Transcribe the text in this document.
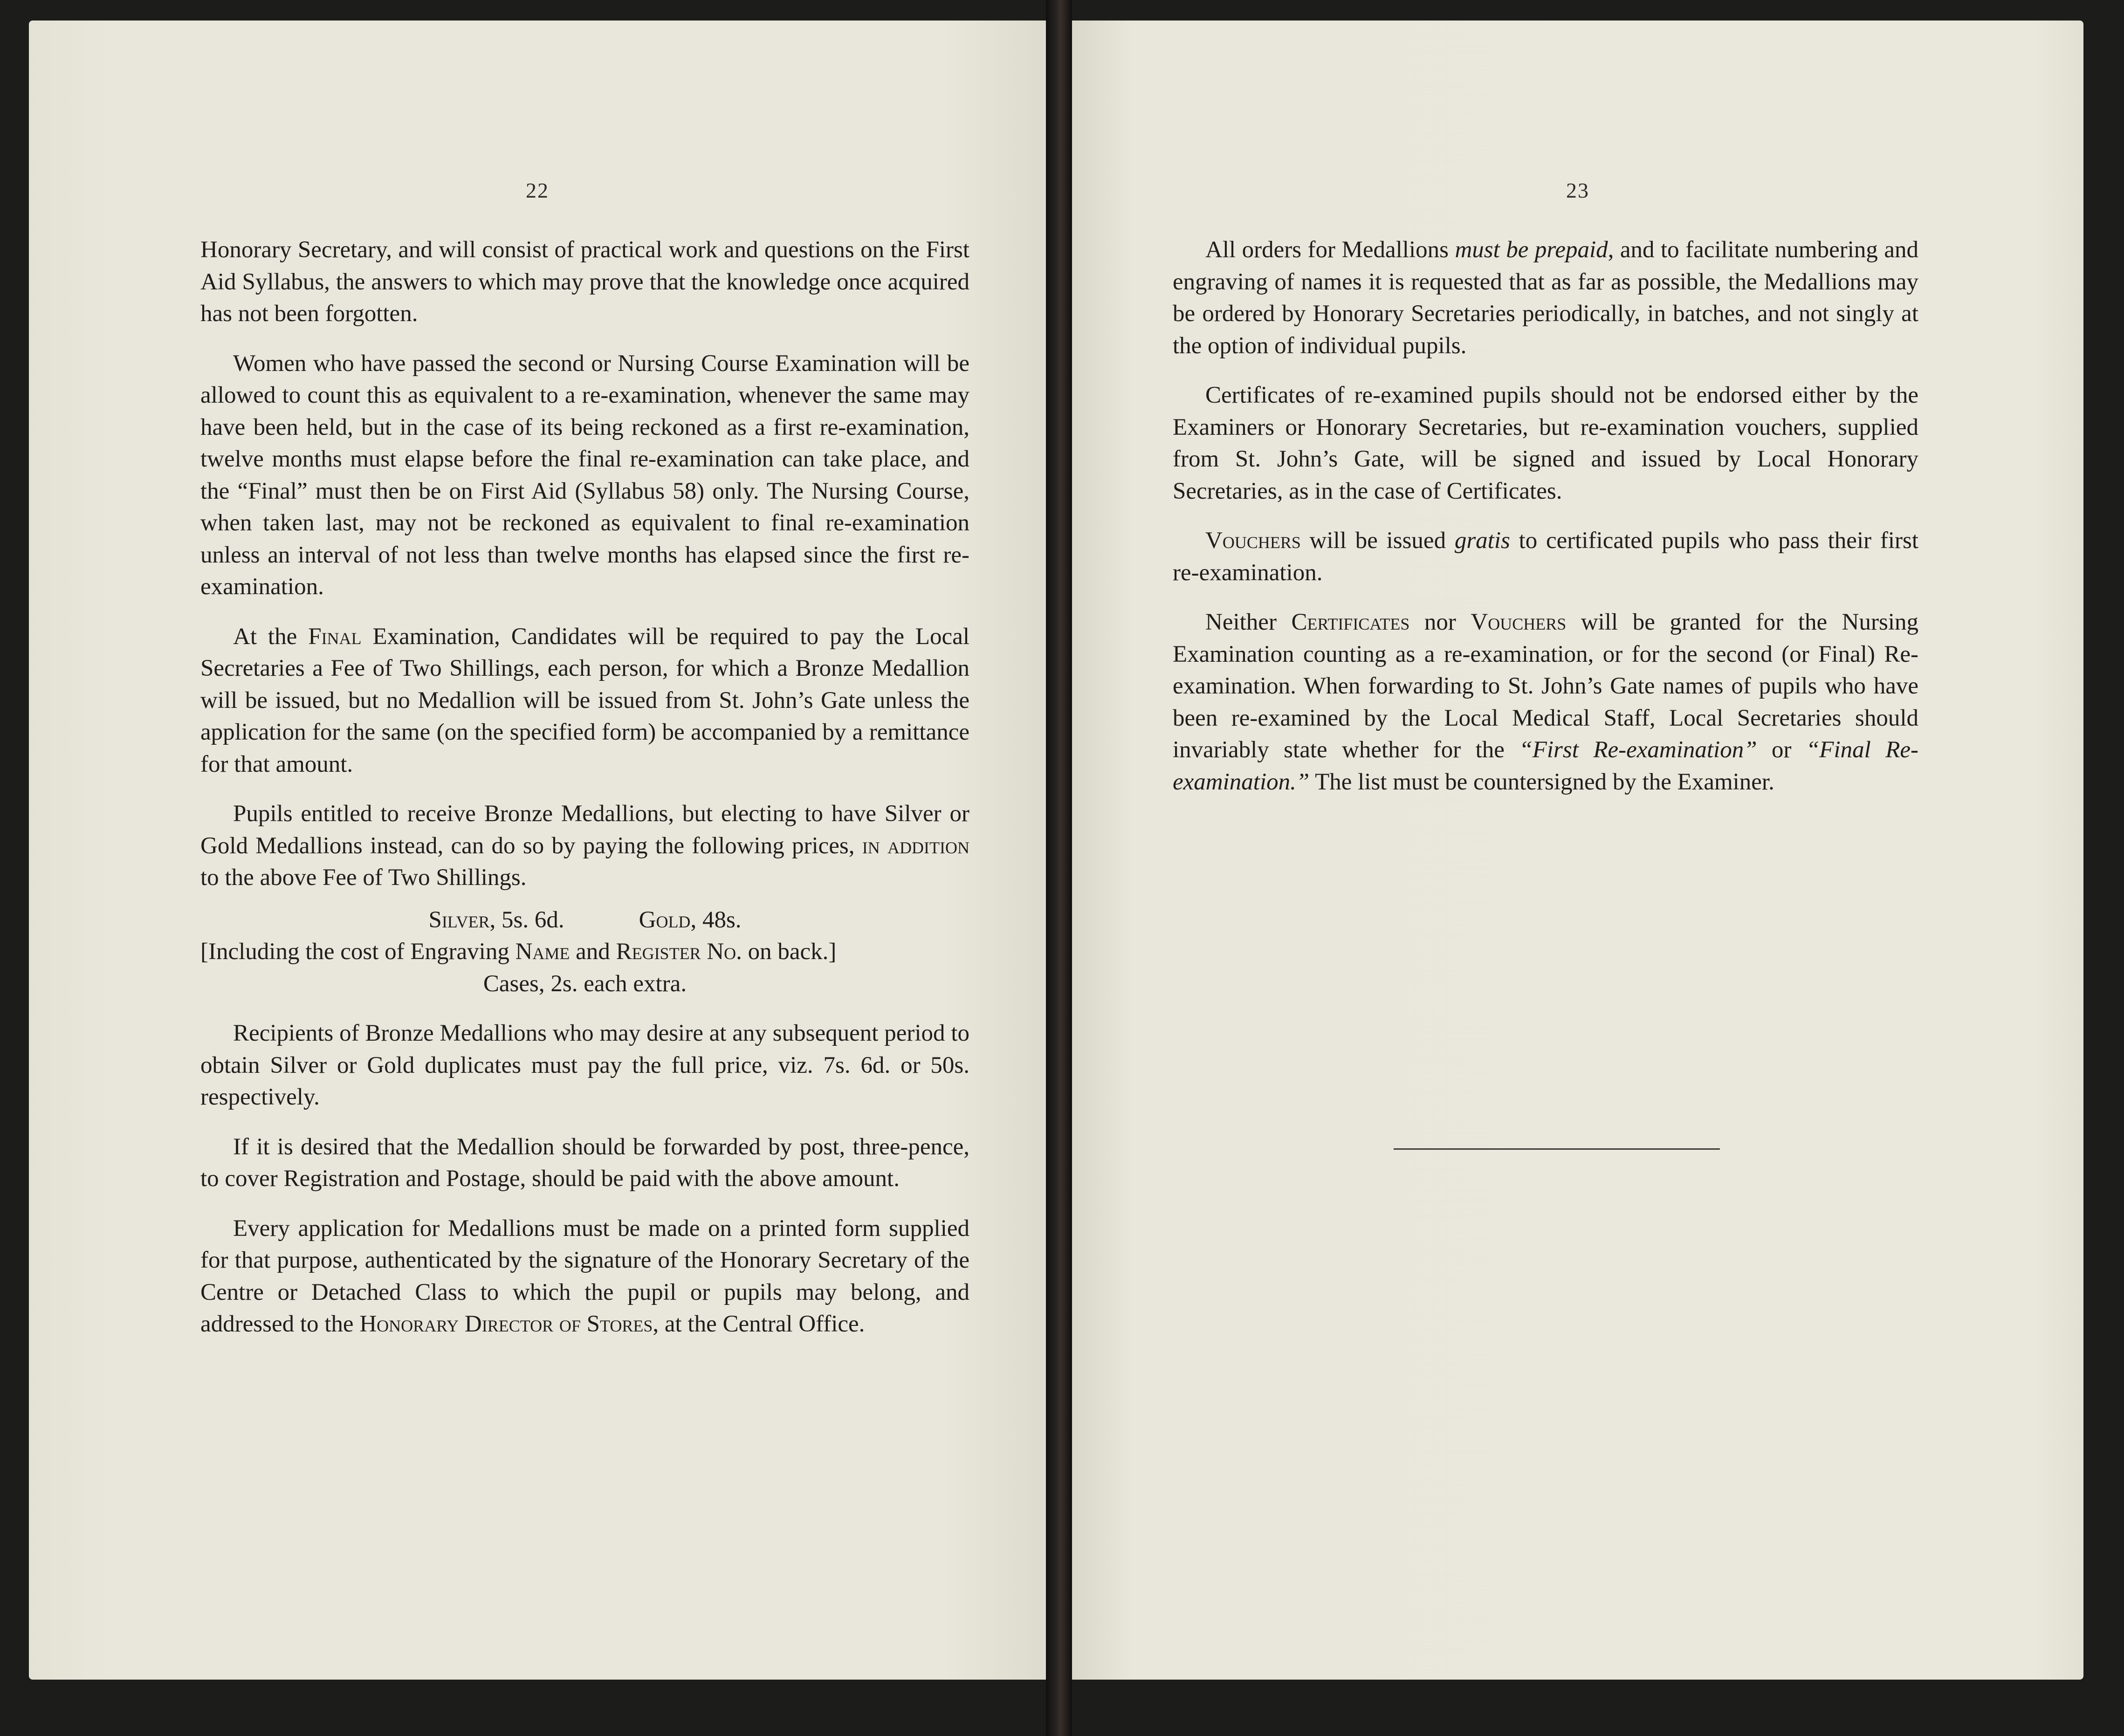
22

Honorary Secretary, and will consist of practical work and questions on the First Aid Syllabus, the answers to which may prove that the knowledge once acquired has not been forgotten.

Women who have passed the second or Nursing Course Examination will be allowed to count this as equivalent to a re-examination, whenever the same may have been held, but in the case of its being reckoned as a first re-examination, twelve months must elapse before the final re-examination can take place, and the “Final” must then be on First Aid (Syllabus 58) only. The Nursing Course, when taken last, may not be reckoned as equivalent to final re-examination unless an interval of not less than twelve months has elapsed since the first re-examination.

At the Final Examination, Candidates will be required to pay the Local Secretaries a Fee of Two Shillings, each person, for which a Bronze Medallion will be issued, but no Medallion will be issued from St. John’s Gate unless the application for the same (on the specified form) be accompanied by a remittance for that amount.

Pupils entitled to receive Bronze Medallions, but electing to have Silver or Gold Medallions instead, can do so by paying the following prices, in addition to the above Fee of Two Shillings.

Silver, 5s. 6d.	Gold, 48s.

[Including the cost of Engraving Name and Register No. on back.]

Cases, 2s. each extra.

Recipients of Bronze Medallions who may desire at any subsequent period to obtain Silver or Gold duplicates must pay the full price, viz. 7s. 6d. or 50s. respectively.

If it is desired that the Medallion should be forwarded by post, three-pence, to cover Registration and Postage, should be paid with the above amount.

Every application for Medallions must be made on a printed form supplied for that purpose, authenticated by the signature of the Honorary Secretary of the Centre or Detached Class to which the pupil or pupils may belong, and addressed to the Honorary Director of Stores, at the Central Office.

23

All orders for Medallions must be prepaid, and to facilitate numbering and engraving of names it is requested that as far as possible, the Medallions may be ordered by Honorary Secretaries periodically, in batches, and not singly at the option of individual pupils.

Certificates of re-examined pupils should not be endorsed either by the Examiners or Honorary Secretaries, but re-examination vouchers, supplied from St. John’s Gate, will be signed and issued by Local Honorary Secretaries, as in the case of Certificates.

Vouchers will be issued gratis to certificated pupils who pass their first re-examination.

Neither Certificates nor Vouchers will be granted for the Nursing Examination counting as a re-examination, or for the second (or Final) Re-examination. When forwarding to St. John’s Gate names of pupils who have been re-examined by the Local Medical Staff, Local Secretaries should invariably state whether for the “First Re-examination” or “Final Re-examination.” The list must be countersigned by the Examiner.
